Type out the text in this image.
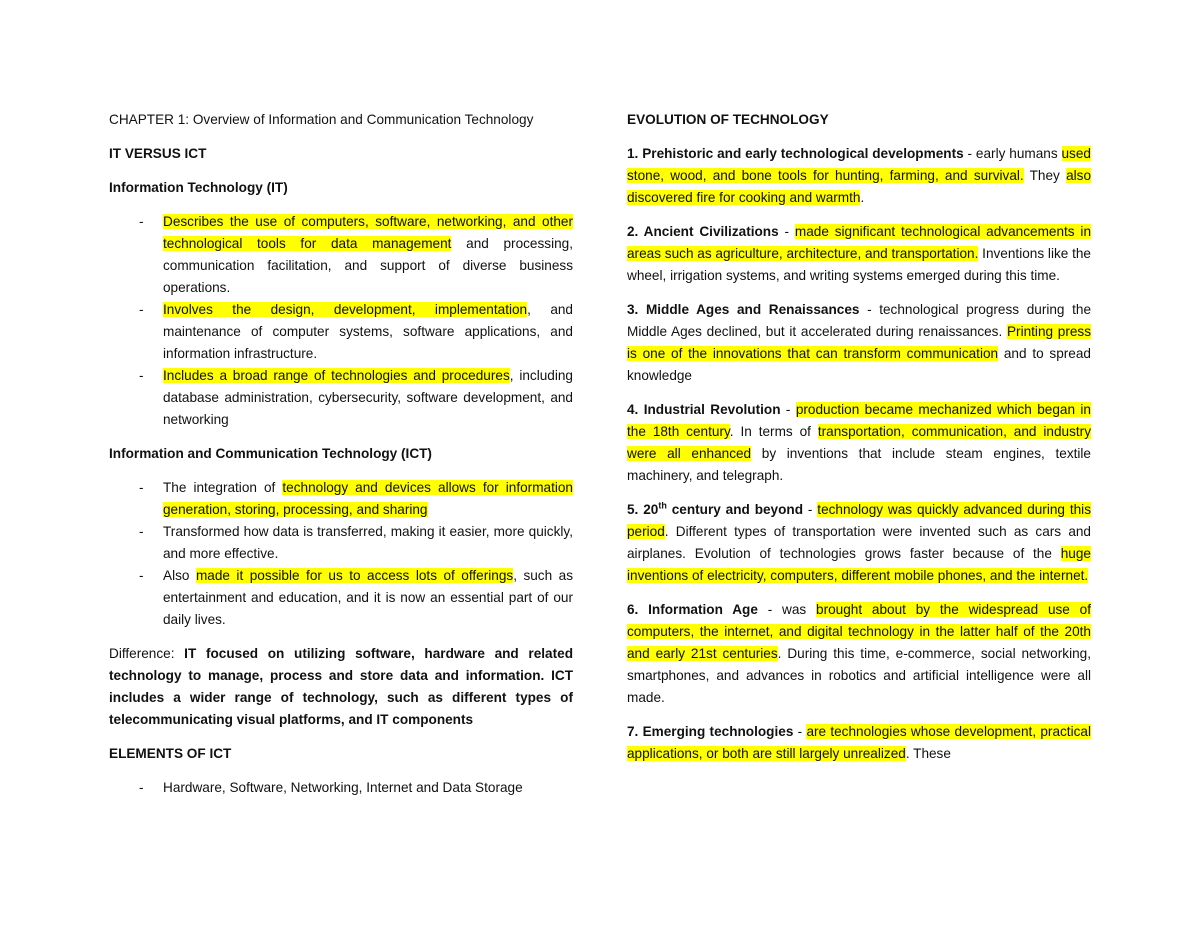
CHAPTER 1: Overview of Information and Communication Technology

IT VERSUS ICT

Information Technology (IT)

- Describes the use of computers, software, networking, and other technological tools for data management and processing, communication facilitation, and support of diverse business operations.
- Involves the design, development, implementation, and maintenance of computer systems, software applications, and information infrastructure.
- Includes a broad range of technologies and procedures, including database administration, cybersecurity, software development, and networking

Information and Communication Technology (ICT)

- The integration of technology and devices allows for information generation, storing, processing, and sharing
- Transformed how data is transferred, making it easier, more quickly, and more effective.
- Also made it possible for us to access lots of offerings, such as entertainment and education, and it is now an essential part of our daily lives.

Difference: IT focused on utilizing software, hardware and related technology to manage, process and store data and information. ICT includes a wider range of technology, such as different types of telecommunicating visual platforms, and IT components

ELEMENTS OF ICT

- Hardware, Software, Networking, Internet and Data Storage

EVOLUTION OF TECHNOLOGY

1. Prehistoric and early technological developments - early humans used stone, wood, and bone tools for hunting, farming, and survival. They also discovered fire for cooking and warmth.

2. Ancient Civilizations - made significant technological advancements in areas such as agriculture, architecture, and transportation. Inventions like the wheel, irrigation systems, and writing systems emerged during this time.

3. Middle Ages and Renaissances - technological progress during the Middle Ages declined, but it accelerated during renaissances. Printing press is one of the innovations that can transform communication and to spread knowledge

4. Industrial Revolution - production became mechanized which began in the 18th century. In terms of transportation, communication, and industry were all enhanced by inventions that include steam engines, textile machinery, and telegraph.

5. 20th century and beyond - technology was quickly advanced during this period. Different types of transportation were invented such as cars and airplanes. Evolution of technologies grows faster because of the huge inventions of electricity, computers, different mobile phones, and the internet.

6. Information Age - was brought about by the widespread use of computers, the internet, and digital technology in the latter half of the 20th and early 21st centuries. During this time, e-commerce, social networking, smartphones, and advances in robotics and artificial intelligence were all made.

7. Emerging technologies - are technologies whose development, practical applications, or both are still largely unrealized. These
